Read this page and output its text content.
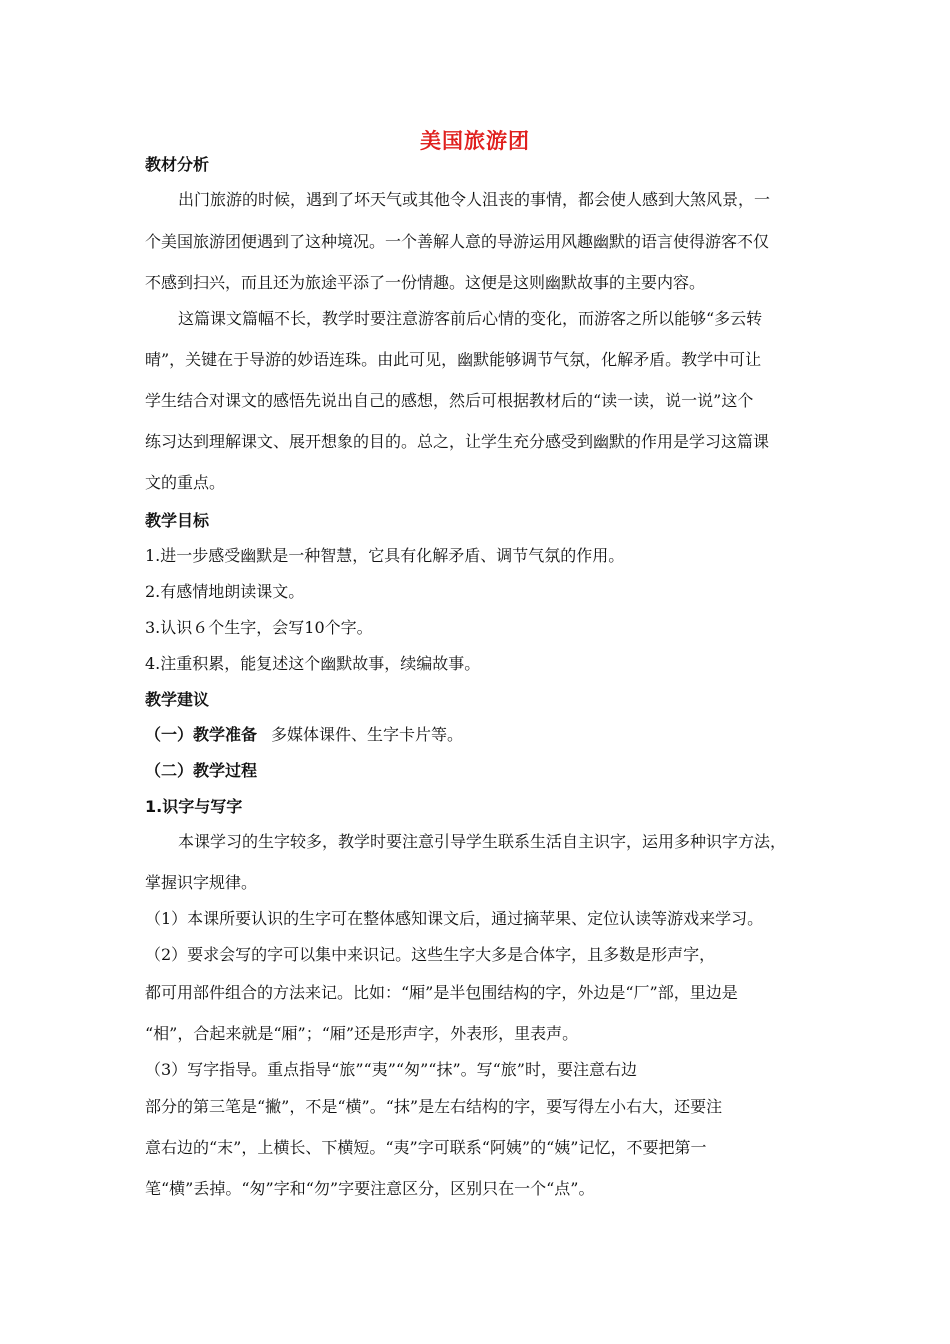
美国旅游团
教材分析
出门旅游的时候，遇到了坏天气或其他令人沮丧的事情，都会使人感到大煞风景，一
个美国旅游团便遇到了这种境况。一个善解人意的导游运用风趣幽默的语言使得游客不仅
不感到扫兴，而且还为旅途平添了一份情趣。这便是这则幽默故事的主要内容。
这篇课文篇幅不长，教学时要注意游客前后心情的变化，而游客之所以能够“多云转
晴”，关键在于导游的妙语连珠。由此可见，幽默能够调节气氛，化解矛盾。教学中可让
学生结合对课文的感悟先说出自己的感想，然后可根据教材后的“读一读，说一说”这个
练习达到理解课文、展开想象的目的。总之，让学生充分感受到幽默的作用是学习这篇课
文的重点。
教学目标
1.进一步感受幽默是一种智慧，它具有化解矛盾、调节气氛的作用。
2.有感情地朗读课文。
3.认识６个生字，会写10个字。
4.注重积累，能复述这个幽默故事，续编故事。
教学建议
（一）教学准备 多媒体课件、生字卡片等。
（二）教学过程
1.识字与写字
本课学习的生字较多，教学时要注意引导学生联系生活自主识字，运用多种识字方法，
掌握识字规律。
（1）本课所要认识的生字可在整体感知课文后，通过摘苹果、定位认读等游戏来学习。
（2）要求会写的字可以集中来识记。这些生字大多是合体字，且多数是形声字，
都可用部件组合的方法来记。比如：“厢”是半包围结构的字，外边是“厂”部，里边是
“相”，合起来就是“厢”；“厢”还是形声字，外表形，里表声。
（3）写字指导。重点指导“旅”“夷”“匆”“抹”。写“旅”时，要注意右边
部分的第三笔是“撇”，不是“横”。“抹”是左右结构的字，要写得左小右大，还要注
意右边的“末”，上横长、下横短。“夷”字可联系“阿姨”的“姨”记忆，不要把第一
笔“横”丢掉。“匆”字和“勿”字要注意区分，区别只在一个“点”。
